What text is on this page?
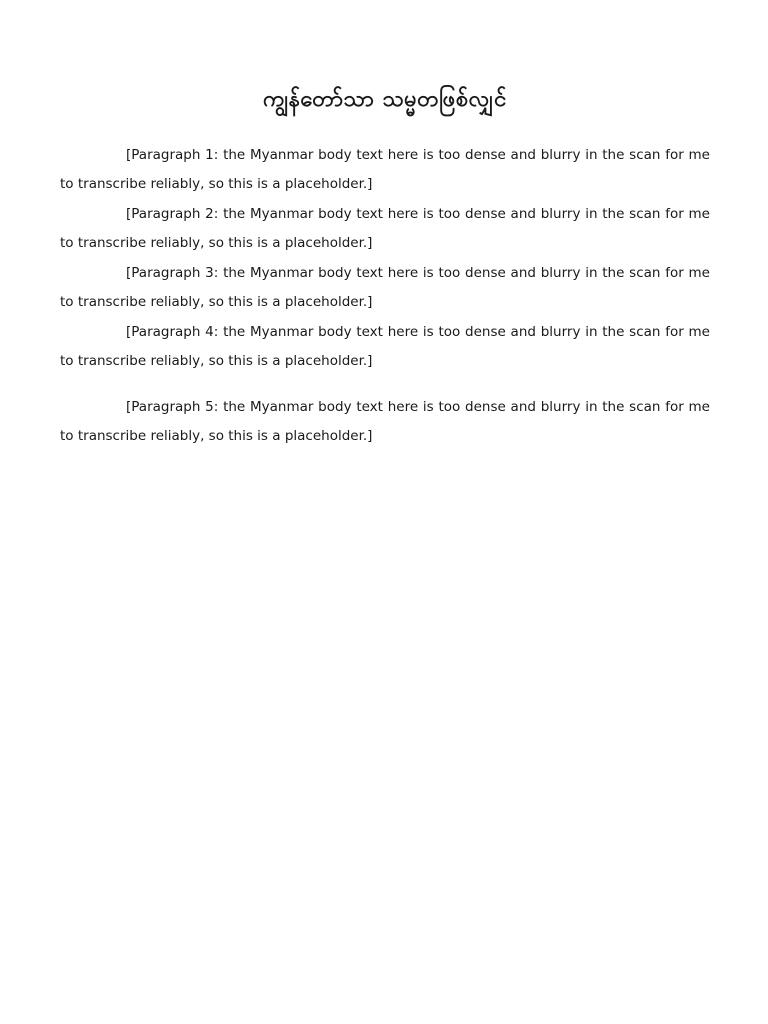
ကျွန်တော်သာ သမ္မတဖြစ်လျှင်

[Paragraph 1: the Myanmar body text here is too dense and blurry in the scan for me to transcribe reliably, so this is a placeholder.]

[Paragraph 2: the Myanmar body text here is too dense and blurry in the scan for me to transcribe reliably, so this is a placeholder.]

[Paragraph 3: the Myanmar body text here is too dense and blurry in the scan for me to transcribe reliably, so this is a placeholder.]

[Paragraph 4: the Myanmar body text here is too dense and blurry in the scan for me to transcribe reliably, so this is a placeholder.]

[Paragraph 5: the Myanmar body text here is too dense and blurry in the scan for me to transcribe reliably, so this is a placeholder.]
